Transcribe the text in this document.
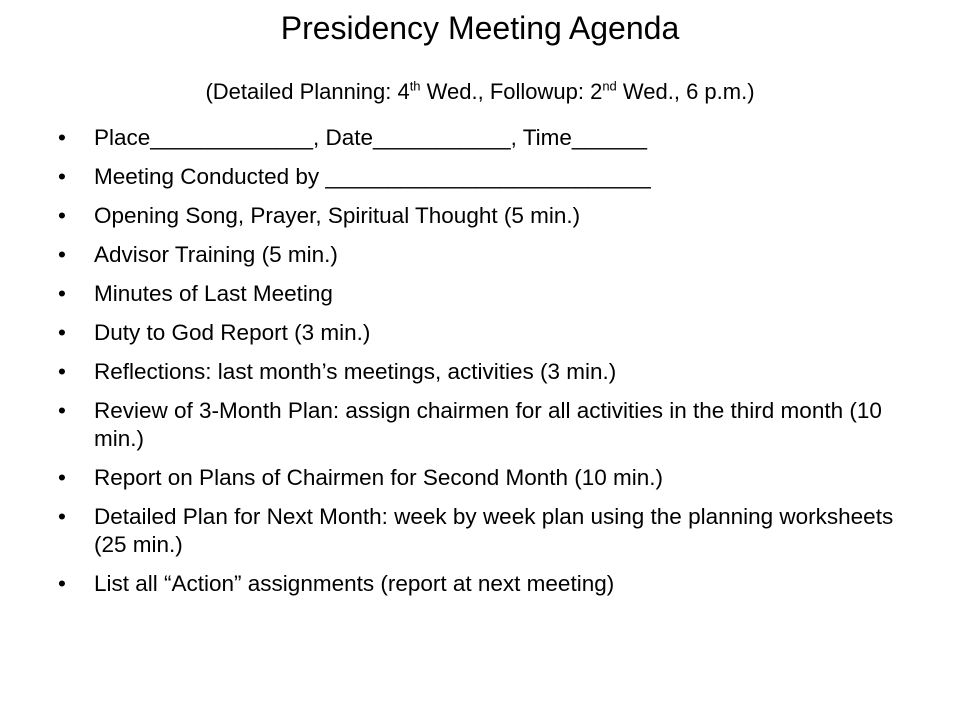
Presidency Meeting Agenda
(Detailed Planning: 4th Wed., Followup: 2nd Wed., 6 p.m.)
•	Place_____________, Date___________, Time______
•	Meeting Conducted by __________________________
•	Opening Song, Prayer, Spiritual Thought (5 min.)
•	Advisor Training (5 min.)
•	Minutes of Last Meeting
•	Duty to God Report (3 min.)
•	Reflections: last month’s meetings, activities (3 min.)
•	Review of 3-Month Plan: assign chairmen for all activities in the third month (10 min.)
•	Report on Plans of Chairmen for Second Month (10 min.)
•	Detailed Plan for Next Month: week by week plan using the planning worksheets (25 min.)
•	List all “Action” assignments (report at next meeting)
